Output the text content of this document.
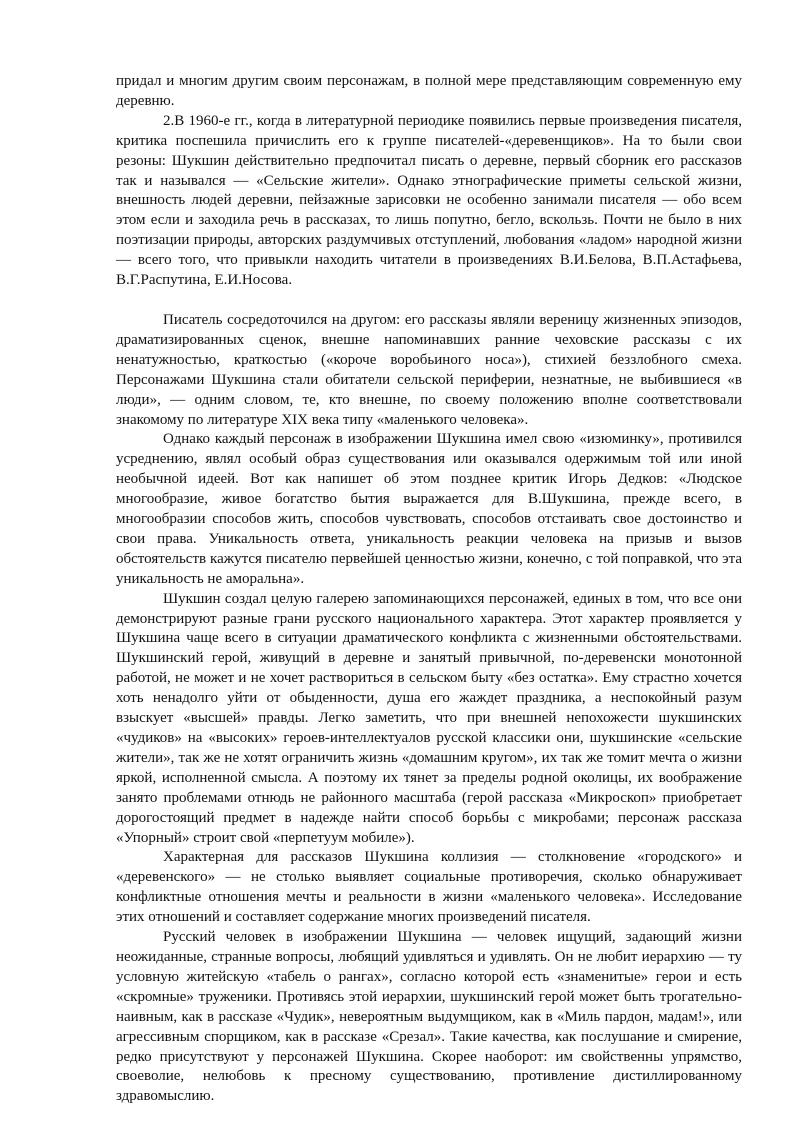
придал и многим другим своим персонажам, в полной мере представляющим современную ему деревню.

2.В 1960-е гг., когда в литературной периодике появились первые произведения писателя, критика поспешила причислить его к группе писателей-«деревенщиков». На то были свои резоны: Шукшин действительно предпочитал писать о деревне, первый сборник его рассказов так и назывался — «Сельские жители». Однако этнографические приметы сельской жизни, внешность людей деревни, пейзажные зарисовки не особенно занимали писателя — обо всем этом если и заходила речь в рассказах, то лишь попутно, бегло, вскользь. Почти не было в них поэтизации природы, авторских раздумчивых отступлений, любования «ладом» народной жизни — всего того, что привыкли находить читатели в произведениях В.И.Белова, В.П.Астафьева, В.Г.Распутина, Е.И.Носова.

Писатель сосредоточился на другом: его рассказы являли вереницу жизненных эпизодов, драматизированных сценок, внешне напоминавших ранние чеховские рассказы с их ненатужностью, краткостью («короче воробьиного носа»), стихией беззлобного смеха. Персонажами Шукшина стали обитатели сельской периферии, незнатные, не выбившиеся «в люди», — одним словом, те, кто внешне, по своему положению вполне соответствовали знакомому по литературе XIX века типу «маленького человека».

Однако каждый персонаж в изображении Шукшина имел свою «изюминку», противился усреднению, являл особый образ существования или оказывался одержимым той или иной необычной идеей. Вот как напишет об этом позднее критик Игорь Дедков: «Людское многообразие, живое богатство бытия выражается для В.Шукшина, прежде всего, в многообразии способов жить, способов чувствовать, способов отстаивать свое достоинство и свои права. Уникальность ответа, уникальность реакции человека на призыв и вызов обстоятельств кажутся писателю первейшей ценностью жизни, конечно, с той поправкой, что эта уникальность не аморальна».

Шукшин создал целую галерею запоминающихся персонажей, единых в том, что все они демонстрируют разные грани русского национального характера. Этот характер проявляется у Шукшина чаще всего в ситуации драматического конфликта с жизненными обстоятельствами. Шукшинский герой, живущий в деревне и занятый привычной, по-деревенски монотонной работой, не может и не хочет раствориться в сельском быту «без остатка». Ему страстно хочется хоть ненадолго уйти от обыденности, душа его жаждет праздника, а неспокойный разум взыскует «высшей» правды. Легко заметить, что при внешней непохожести шукшинских «чудиков» на «высоких» героев-интеллектуалов русской классики они, шукшинские «сельские жители», так же не хотят ограничить жизнь «домашним кругом», их так же томит мечта о жизни яркой, исполненной смысла. А поэтому их тянет за пределы родной околицы, их воображение занято проблемами отнюдь не районного масштаба (герой рассказа «Микроскоп» приобретает дорогостоящий предмет в надежде найти способ борьбы с микробами; персонаж рассказа «Упорный» строит свой «перпетуум мобиле»).

Характерная для рассказов Шукшина коллизия — столкновение «городского» и «деревенского» — не столько выявляет социальные противоречия, сколько обнаруживает конфликтные отношения мечты и реальности в жизни «маленького человека». Исследование этих отношений и составляет содержание многих произведений писателя.

Русский человек в изображении Шукшина — человек ищущий, задающий жизни неожиданные, странные вопросы, любящий удивляться и удивлять. Он не любит иерархию — ту условную житейскую «табель о рангах», согласно которой есть «знаменитые» герои и есть «скромные» труженики. Противясь этой иерархии, шукшинский герой может быть трогательно-наивным, как в рассказе «Чудик», невероятным выдумщиком, как в «Миль пардон, мадам!», или агрессивным спорщиком, как в рассказе «Срезал». Такие качества, как послушание и смирение, редко присутствуют у персонажей Шукшина. Скорее наоборот: им свойственны упрямство, своеволие, нелюбовь к пресному существованию, противление дистиллированному здравомыслию.
